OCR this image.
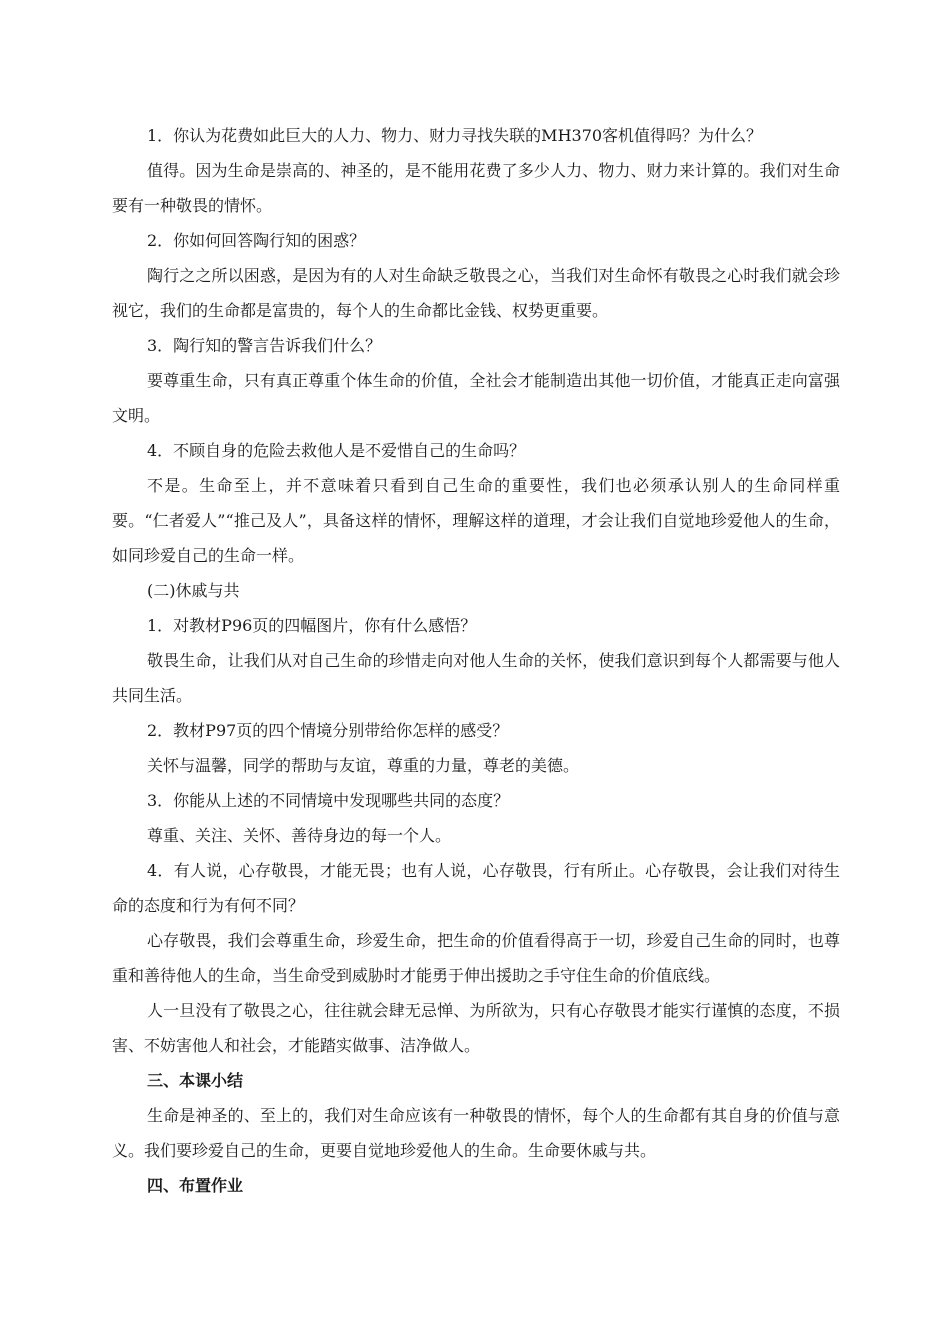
1．你认为花费如此巨大的人力、物力、财力寻找失联的MH370客机值得吗？为什么？

值得。因为生命是崇高的、神圣的，是不能用花费了多少人力、物力、财力来计算的。我们对生命要有一种敬畏的情怀。

2．你如何回答陶行知的困惑？

陶行之之所以困惑，是因为有的人对生命缺乏敬畏之心，当我们对生命怀有敬畏之心时我们就会珍视它，我们的生命都是富贵的，每个人的生命都比金钱、权势更重要。

3．陶行知的警言告诉我们什么？

要尊重生命，只有真正尊重个体生命的价值，全社会才能制造出其他一切价值，才能真正走向富强文明。

4．不顾自身的危险去救他人是不爱惜自己的生命吗？

不是。生命至上，并不意味着只看到自己生命的重要性，我们也必须承认别人的生命同样重要。“仁者爱人”“推己及人”，具备这样的情怀，理解这样的道理，才会让我们自觉地珍爱他人的生命，如同珍爱自己的生命一样。

(二)休戚与共

1．对教材P96页的四幅图片，你有什么感悟？

敬畏生命，让我们从对自己生命的珍惜走向对他人生命的关怀，使我们意识到每个人都需要与他人共同生活。

2．教材P97页的四个情境分别带给你怎样的感受？

关怀与温馨，同学的帮助与友谊，尊重的力量，尊老的美德。

3．你能从上述的不同情境中发现哪些共同的态度？

尊重、关注、关怀、善待身边的每一个人。

4．有人说，心存敬畏，才能无畏；也有人说，心存敬畏，行有所止。心存敬畏，会让我们对待生命的态度和行为有何不同？

心存敬畏，我们会尊重生命，珍爱生命，把生命的价值看得高于一切，珍爱自己生命的同时，也尊重和善待他人的生命，当生命受到威胁时才能勇于伸出援助之手守住生命的价值底线。

人一旦没有了敬畏之心，往往就会肆无忌惮、为所欲为，只有心存敬畏才能实行谨慎的态度，不损害、不妨害他人和社会，才能踏实做事、洁净做人。

三、本课小结

生命是神圣的、至上的，我们对生命应该有一种敬畏的情怀，每个人的生命都有其自身的价值与意义。我们要珍爱自己的生命，更要自觉地珍爱他人的生命。生命要休戚与共。

四、布置作业
